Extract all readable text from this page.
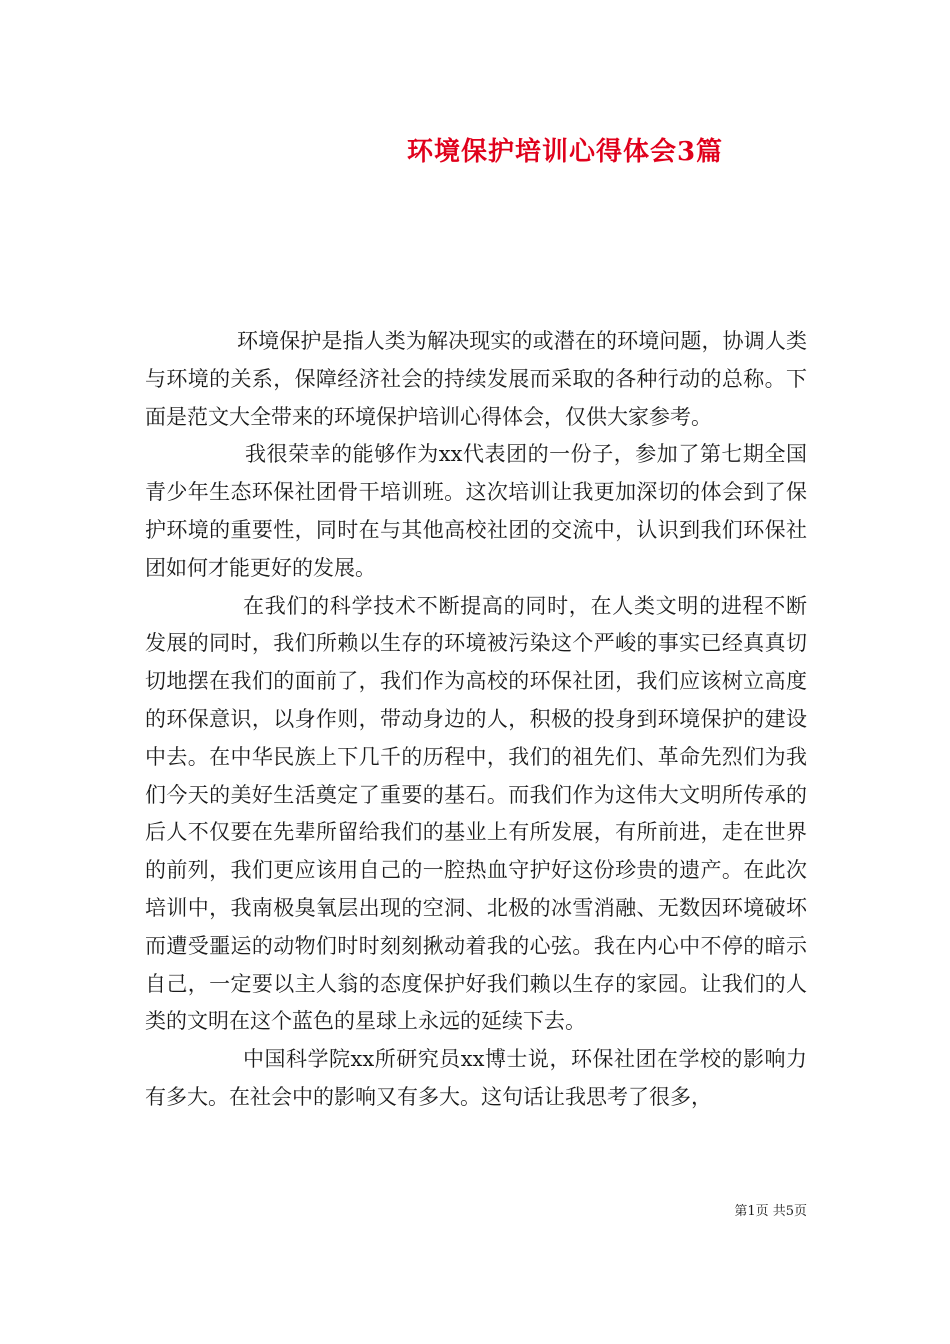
环境保护培训心得体会3篇

环境保护是指人类为解决现实的或潜在的环境问题，协调人类与环境的关系，保障经济社会的持续发展而采取的各种行动的总称。下面是范文大全带来的环境保护培训心得体会，仅供大家参考。

我很荣幸的能够作为xx代表团的一份子，参加了第七期全国青少年生态环保社团骨干培训班。这次培训让我更加深切的体会到了保护环境的重要性，同时在与其他高校社团的交流中，认识到我们环保社团如何才能更好的发展。

在我们的科学技术不断提高的同时，在人类文明的进程不断发展的同时，我们所赖以生存的环境被污染这个严峻的事实已经真真切切地摆在我们的面前了，我们作为高校的环保社团，我们应该树立高度的环保意识，以身作则，带动身边的人，积极的投身到环境保护的建设中去。在中华民族上下几千的历程中，我们的祖先们、革命先烈们为我们今天的美好生活奠定了重要的基石。而我们作为这伟大文明所传承的后人不仅要在先辈所留给我们的基业上有所发展，有所前进，走在世界的前列，我们更应该用自己的一腔热血守护好这份珍贵的遗产。在此次培训中，我南极臭氧层出现的空洞、北极的冰雪消融、无数因环境破坏而遭受噩运的动物们时时刻刻揪动着我的心弦。我在内心中不停的暗示自己，一定要以主人翁的态度保护好我们赖以生存的家园。让我们的人类的文明在这个蓝色的星球上永远的延续下去。

中国科学院xx所研究员xx博士说，环保社团在学校的影响力有多大。在社会中的影响又有多大。这句话让我思考了很多，

第1页 共5页
